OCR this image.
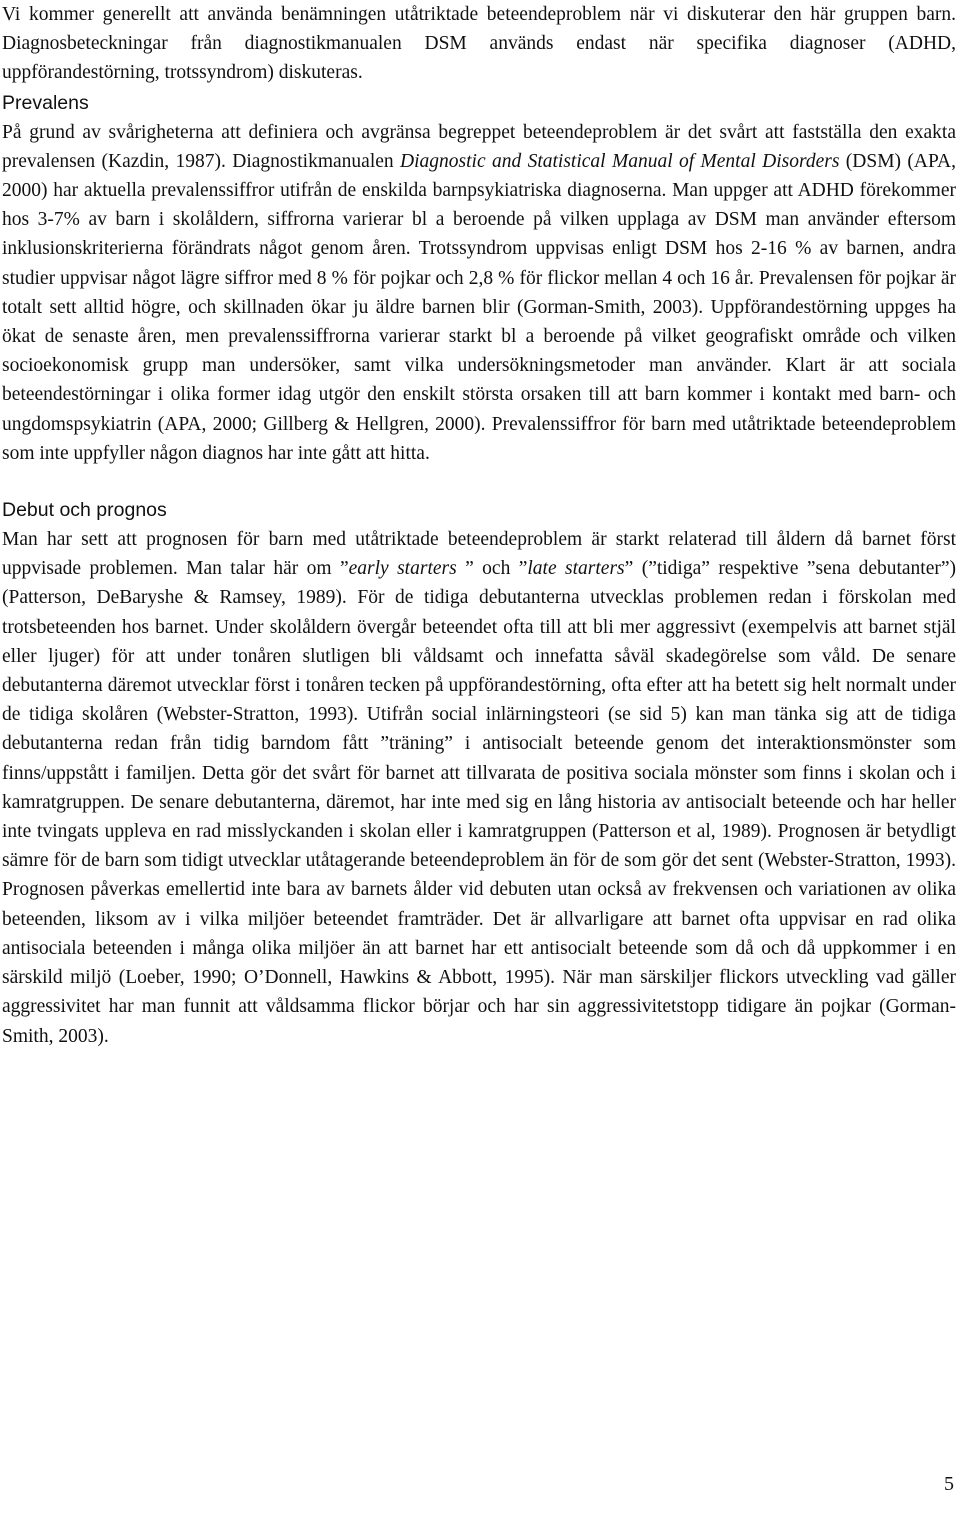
Vi kommer generellt att använda benämningen utåtriktade beteendeproblem när vi diskuterar den här gruppen barn. Diagnosbeteckningar från diagnostikmanualen DSM används endast när specifika diagnoser (ADHD, uppförandestörning, trotssyndrom) diskuteras.

Prevalens

På grund av svårigheterna att definiera och avgränsa begreppet beteendeproblem är det svårt att fastställa den exakta prevalensen (Kazdin, 1987). Diagnostikmanualen Diagnostic and Statistical Manual of Mental Disorders (DSM) (APA, 2000) har aktuella prevalenssiffror utifrån de enskilda barnpsykiatriska diagnoserna. Man uppger att ADHD förekommer hos 3-7% av barn i skolåldern, siffrorna varierar bl a beroende på vilken upplaga av DSM man använder eftersom inklusionskriterierna förändrats något genom åren. Trotssyndrom uppvisas enligt DSM hos 2-16 % av barnen, andra studier uppvisar något lägre siffror med 8 % för pojkar och 2,8 % för flickor mellan 4 och 16 år. Prevalensen för pojkar är totalt sett alltid högre, och skillnaden ökar ju äldre barnen blir (Gorman-Smith, 2003). Uppförandestörning uppges ha ökat de senaste åren, men prevalenssiffrorna varierar starkt bl a beroende på vilket geografiskt område och vilken socioekonomisk grupp man undersöker, samt vilka undersökningsmetoder man använder. Klart är att sociala beteendestörningar i olika former idag utgör den enskilt största orsaken till att barn kommer i kontakt med barn- och ungdomspsykiatrin (APA, 2000; Gillberg & Hellgren, 2000). Prevalenssiffror för barn med utåtriktade beteendeproblem som inte uppfyller någon diagnos har inte gått att hitta.

Debut och prognos

Man har sett att prognosen för barn med utåtriktade beteendeproblem är starkt relaterad till åldern då barnet först uppvisade problemen. Man talar här om ”early starters ” och ”late starters” (”tidiga” respektive ”sena debutanter”) (Patterson, DeBaryshe & Ramsey, 1989). För de tidiga debutanterna utvecklas problemen redan i förskolan med trotsbeteenden hos barnet. Under skolåldern övergår beteendet ofta till att bli mer aggressivt (exempelvis att barnet stjäl eller ljuger) för att under tonåren slutligen bli våldsamt och innefatta såväl skadegörelse som våld. De senare debutanterna däremot utvecklar först i tonåren tecken på uppförandestörning, ofta efter att ha betett sig helt normalt under de tidiga skolåren (Webster-Stratton, 1993). Utifrån social inlärningsteori (se sid 5) kan man tänka sig att de tidiga debutanterna redan från tidig barndom fått ”träning” i antisocialt beteende genom det interaktionsmönster som finns/uppstått i familjen. Detta gör det svårt för barnet att tillvarata de positiva sociala mönster som finns i skolan och i kamratgruppen. De senare debutanterna, däremot, har inte med sig en lång historia av antisocialt beteende och har heller inte tvingats uppleva en rad misslyckanden i skolan eller i kamratgruppen (Patterson et al, 1989). Prognosen är betydligt sämre för de barn som tidigt utvecklar utåtagerande beteendeproblem än för de som gör det sent (Webster-Stratton, 1993). Prognosen påverkas emellertid inte bara av barnets ålder vid debuten utan också av frekvensen och variationen av olika beteenden, liksom av i vilka miljöer beteendet framträder. Det är allvarligare att barnet ofta uppvisar en rad olika antisociala beteenden i många olika miljöer än att barnet har ett antisocialt beteende som då och då uppkommer i en särskild miljö (Loeber, 1990; O’Donnell, Hawkins & Abbott, 1995). När man särskiljer flickors utveckling vad gäller aggressivitet har man funnit att våldsamma flickor börjar och har sin aggressivitetstopp tidigare än pojkar (Gorman-Smith, 2003).

5
